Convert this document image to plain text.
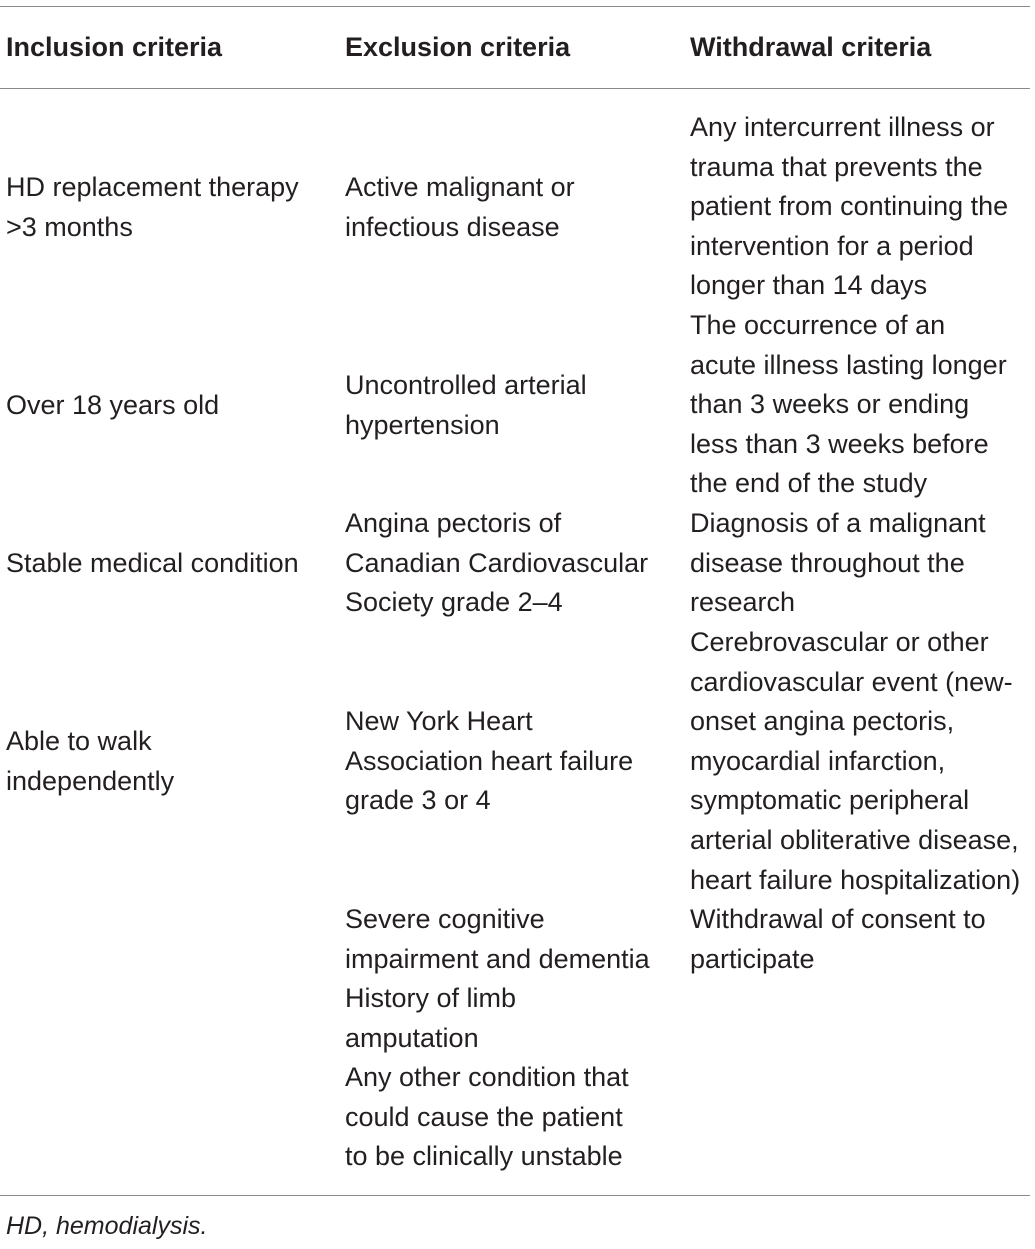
Inclusion criteria	Exclusion criteria	Withdrawal criteria
HD replacement therapy
>3 months
Over 18 years old
Stable medical condition
Able to walk
independently
Active malignant or
infectious disease
Uncontrolled arterial
hypertension
Angina pectoris of
Canadian Cardiovascular
Society grade 2–4
New York Heart
Association heart failure
grade 3 or 4
Severe cognitive
impairment and dementia
History of limb
amputation
Any other condition that
could cause the patient
to be clinically unstable
Any intercurrent illness or
trauma that prevents the
patient from continuing the
intervention for a period
longer than 14 days
The occurrence of an
acute illness lasting longer
than 3 weeks or ending
less than 3 weeks before
the end of the study
Diagnosis of a malignant
disease throughout the
research
Cerebrovascular or other
cardiovascular event (new-
onset angina pectoris,
myocardial infarction,
symptomatic peripheral
arterial obliterative disease,
heart failure hospitalization)
Withdrawal of consent to
participate
HD, hemodialysis.
